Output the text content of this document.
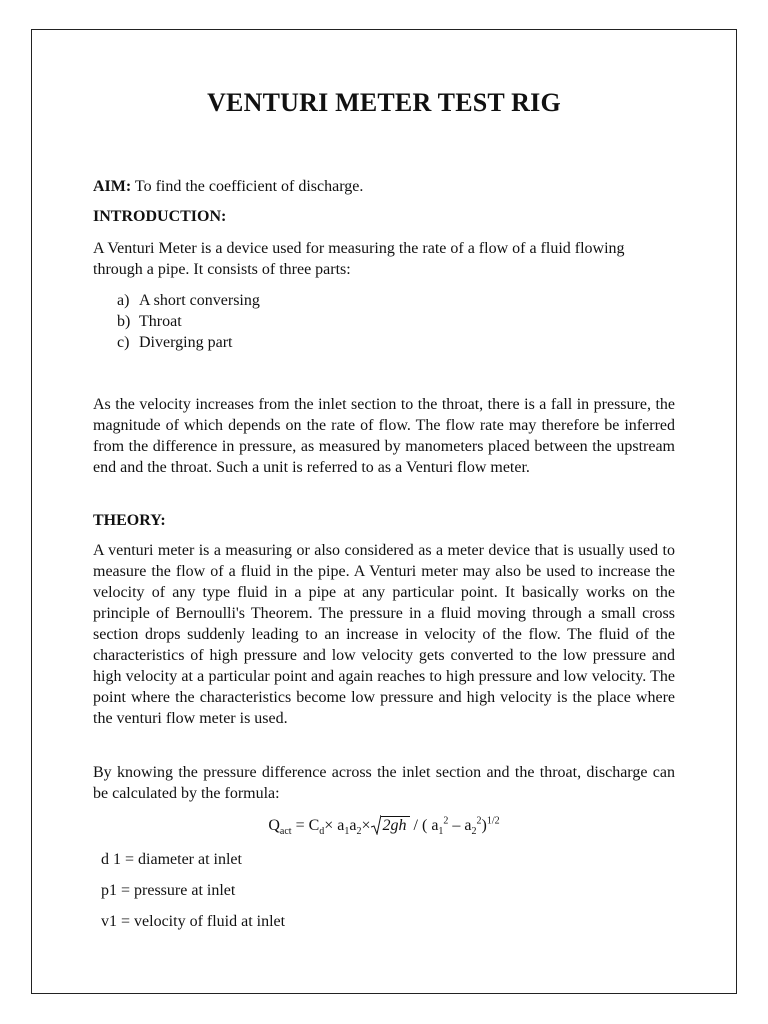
VENTURI METER TEST RIG
AIM: To find the coefficient of discharge.
INTRODUCTION:
A Venturi Meter is a device used for measuring the rate of a flow of a fluid flowing through a pipe. It consists of three parts:
a) A short conversing
b) Throat
c) Diverging part
As the velocity increases from the inlet section to the throat, there is a fall in pressure, the magnitude of which depends on the rate of flow. The flow rate may therefore be inferred from the difference in pressure, as measured by manometers placed between the upstream end and the throat. Such a unit is referred to as a Venturi flow meter.
THEORY:
A venturi meter is a measuring or also considered as a meter device that is usually used to measure the flow of a fluid in the pipe. A Venturi meter may also be used to increase the velocity of any type fluid in a pipe at any particular point. It basically works on the principle of Bernoulli's Theorem. The pressure in a fluid moving through a small cross section drops suddenly leading to an increase in velocity of the flow. The fluid of the characteristics of high pressure and low velocity gets converted to the low pressure and high velocity at a particular point and again reaches to high pressure and low velocity. The point where the characteristics become low pressure and high velocity is the place where the venturi flow meter is used.
By knowing the pressure difference across the inlet section and the throat, discharge can be calculated by the formula:
$Q_{act} = C_d\times a_1a_2\times 2gh$ / ( $a_1^2 - a_2^2)^{1/2}$
d 1 = diameter at inlet
p1 = pressure at inlet
v1 = velocity of fluid at inlet
